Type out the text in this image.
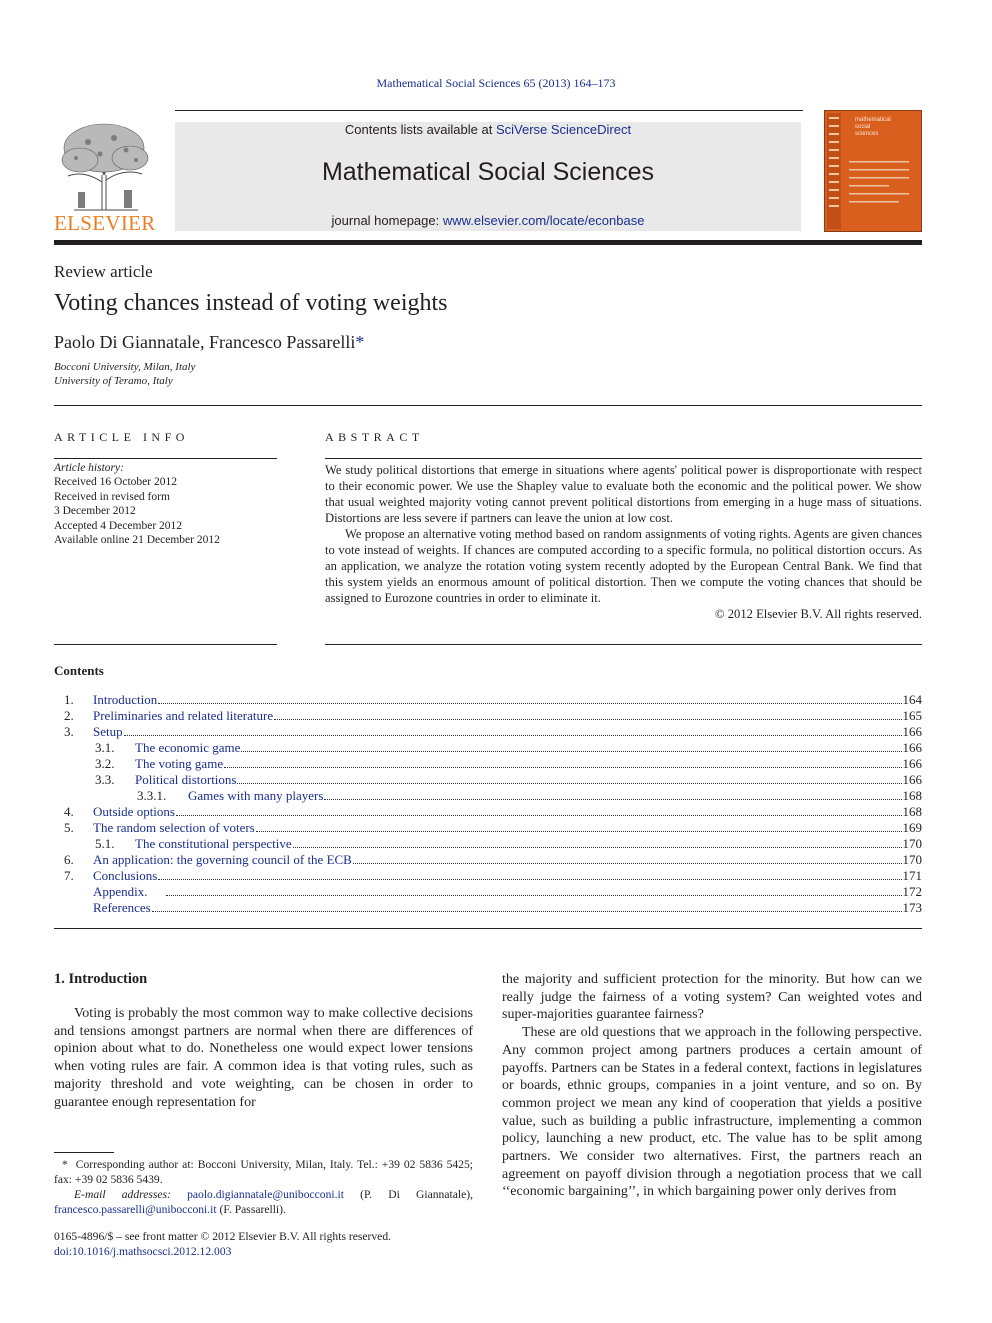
Mathematical Social Sciences 65 (2013) 164–173
ELSEVIER
Contents lists available at SciVerse ScienceDirect
Mathematical Social Sciences
journal homepage: www.elsevier.com/locate/econbase
mathematical
social
sciences
Review article
Voting chances instead of voting weights
Paolo Di Giannatale, Francesco Passarelli*
Bocconi University, Milan, Italy
University of Teramo, Italy
ARTICLE INFO
Article history:
Received 16 October 2012
Received in revised form
3 December 2012
Accepted 4 December 2012
Available online 21 December 2012
ABSTRACT

We study political distortions that emerge in situations where agents' political power is disproportionate with respect to their economic power. We use the Shapley value to evaluate both the economic and the political power. We show that usual weighted majority voting cannot prevent political distortions from emerging in a huge mass of situations. Distortions are less severe if partners can leave the union at low cost.

We propose an alternative voting method based on random assignments of voting rights. Agents are given chances to vote instead of weights. If chances are computed according to a specific formula, no political distortion occurs. As an application, we analyze the rotation voting system recently adopted by the European Central Bank. We find that this system yields an enormous amount of political distortion. Then we compute the voting chances that should be assigned to Eurozone countries in order to eliminate it.

© 2012 Elsevier B.V. All rights reserved.
Contents
1. Introduction	164
2. Preliminaries and related literature	165
3. Setup	166
3.1. The economic game	166
3.2. The voting game	166
3.3. Political distortions	166
3.3.1. Games with many players	168
4. Outside options	168
5. The random selection of voters	169
5.1. The constitutional perspective	170
6. An application: the governing council of the ECB	170
7. Conclusions	171
Appendix.	172
References	173
1. Introduction

Voting is probably the most common way to make collective decisions and tensions amongst partners are normal when there are differences of opinion about what to do. Nonetheless one would expect lower tensions when voting rules are fair. A common idea is that voting rules, such as majority threshold and vote weighting, can be chosen in order to guarantee enough representation for

the majority and sufficient protection for the minority. But how can we really judge the fairness of a voting system? Can weighted votes and super-majorities guarantee fairness?

These are old questions that we approach in the following perspective. Any common project among partners produces a certain amount of payoffs. Partners can be States in a federal context, factions in legislatures or boards, ethnic groups, companies in a joint venture, and so on. By common project we mean any kind of cooperation that yields a positive value, such as building a public infrastructure, implementing a common policy, launching a new product, etc. The value has to be split among partners. We consider two alternatives. First, the partners reach an agreement on payoff division through a negotiation process that we call ‘‘economic bargaining’’, in which bargaining power only derives from

* Corresponding author at: Bocconi University, Milan, Italy. Tel.: +39 02 5836 5425; fax: +39 02 5836 5439.
E-mail addresses: paolo.digiannatale@unibocconi.it (P. Di Giannatale), francesco.passarelli@unibocconi.it (F. Passarelli).
0165-4896/$ – see front matter © 2012 Elsevier B.V. All rights reserved.
doi:10.1016/j.mathsocsci.2012.12.003
